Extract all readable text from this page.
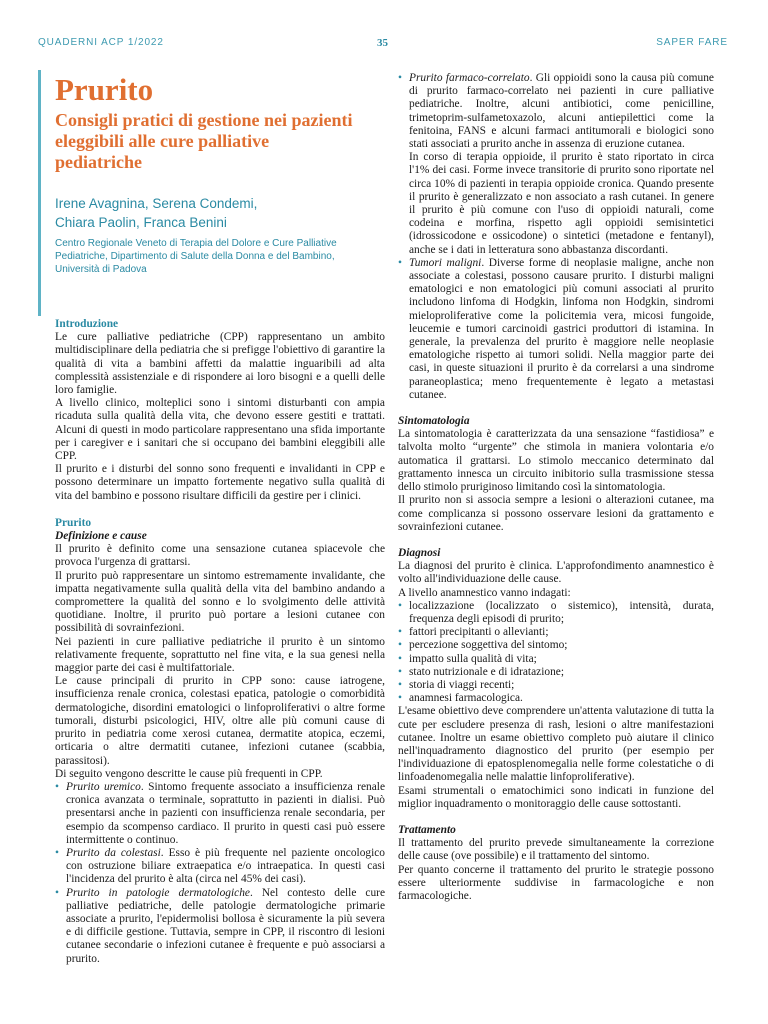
QUADERNI ACP 1/2022	35	SAPER FARE
Prurito
Consigli pratici di gestione nei pazienti eleggibili alle cure palliative pediatriche

Irene Avagnina, Serena Condemi,
Chiara Paolin, Franca Benini

Centro Regionale Veneto di Terapia del Dolore e Cure Palliative Pediatriche, Dipartimento di Salute della Donna e del Bambino, Università di Padova

Introduzione

Le cure palliative pediatriche (CPP) rappresentano un ambito multidisciplinare della pediatria che si prefigge l'obiettivo di garantire la qualità di vita a bambini affetti da malattie inguaribili ad alta complessità assistenziale e di rispondere ai loro bisogni e a quelli delle loro famiglie.

A livello clinico, molteplici sono i sintomi disturbanti con ampia ricaduta sulla qualità della vita, che devono essere gestiti e trattati. Alcuni di questi in modo particolare rappresentano una sfida importante per i caregiver e i sanitari che si occupano dei bambini eleggibili alle CPP.

Il prurito e i disturbi del sonno sono frequenti e invalidanti in CPP e possono determinare un impatto fortemente negativo sulla qualità di vita del bambino e possono risultare difficili da gestire per i clinici.

Prurito

Definizione e cause

Il prurito è definito come una sensazione cutanea spiacevole che provoca l'urgenza di grattarsi.

Il prurito può rappresentare un sintomo estremamente invalidante, che impatta negativamente sulla qualità della vita del bambino andando a compromettere la qualità del sonno e lo svolgimento delle attività quotidiane. Inoltre, il prurito può portare a lesioni cutanee con possibilità di sovrainfezioni.

Nei pazienti in cure palliative pediatriche il prurito è un sintomo relativamente frequente, soprattutto nel fine vita, e la sua genesi nella maggior parte dei casi è multifattoriale.

Le cause principali di prurito in CPP sono: cause iatrogene, insufficienza renale cronica, colestasi epatica, patologie o comorbidità dermatologiche, disordini ematologici o linfoproliferativi o altre forme tumorali, disturbi psicologici, HIV, oltre alle più comuni cause di prurito in pediatria come xerosi cutanea, dermatite atopica, eczemi, orticaria o altre dermatiti cutanee, infezioni cutanee (scabbia, parassitosi).

Di seguito vengono descritte le cause più frequenti in CPP.

• Prurito uremico. Sintomo frequente associato a insufficienza renale cronica avanzata o terminale, soprattutto in pazienti in dialisi. Può presentarsi anche in pazienti con insufficienza renale secondaria, per esempio da scompenso cardiaco. Il prurito in questi casi può essere intermittente o continuo.
• Prurito da colestasi. Esso è più frequente nel paziente oncologico con ostruzione biliare extraepatica e/o intraepatica. In questi casi l'incidenza del prurito è alta (circa nel 45% dei casi).
• Prurito in patologie dermatologiche. Nel contesto delle cure palliative pediatriche, delle patologie dermatologiche primarie associate a prurito, l'epidermolisi bollosa è sicuramente la più severa e di difficile gestione. Tuttavia, sempre in CPP, il riscontro di lesioni cutanee secondarie o infezioni cutanee è frequente e può associarsi a prurito.
• Prurito farmaco-correlato. Gli oppioidi sono la causa più comune di prurito farmaco-correlato nei pazienti in cure palliative pediatriche. Inoltre, alcuni antibiotici, come penicilline, trimetoprim-sulfametoxazolo, alcuni antiepilettici come la fenitoina, FANS e alcuni farmaci antitumorali e biologici sono stati associati a prurito anche in assenza di eruzione cutanea.
In corso di terapia oppioide, il prurito è stato riportato in circa l'1% dei casi. Forme invece transitorie di prurito sono riportate nel circa 10% di pazienti in terapia oppioide cronica. Quando presente il prurito è generalizzato e non associato a rash cutanei. In genere il prurito è più comune con l'uso di oppioidi naturali, come codeina e morfina, rispetto agli oppioidi semisintetici (idrossicodone e ossicodone) o sintetici (metadone e fentanyl), anche se i dati in letteratura sono abbastanza discordanti.
• Tumori maligni. Diverse forme di neoplasie maligne, anche non associate a colestasi, possono causare prurito. I disturbi maligni ematologici e non ematologici più comuni associati al prurito includono linfoma di Hodgkin, linfoma non Hodgkin, sindromi mieloproliferative come la policitemia vera, micosi fungoide, leucemie e tumori carcinoidi gastrici produttori di istamina. In generale, la prevalenza del prurito è maggiore nelle neoplasie ematologiche rispetto ai tumori solidi. Nella maggior parte dei casi, in queste situazioni il prurito è da correlarsi a una sindrome paraneoplastica; meno frequentemente è legato a metastasi cutanee.

Sintomatologia

La sintomatologia è caratterizzata da una sensazione “fastidiosa” e talvolta molto “urgente” che stimola in maniera volontaria e/o automatica il grattarsi. Lo stimolo meccanico determinato dal grattamento innesca un circuito inibitorio sulla trasmissione stessa dello stimolo pruriginoso limitando così la sintomatologia.

Il prurito non si associa sempre a lesioni o alterazioni cutanee, ma come complicanza si possono osservare lesioni da grattamento e sovrainfezioni cutanee.

Diagnosi

La diagnosi del prurito è clinica. L'approfondimento anamnestico è volto all'individuazione delle cause.

A livello anamnestico vanno indagati:

• localizzazione (localizzato o sistemico), intensità, durata, frequenza degli episodi di prurito;
• fattori precipitanti o allevianti;
• percezione soggettiva del sintomo;
• impatto sulla qualità di vita;
• stato nutrizionale e di idratazione;
• storia di viaggi recenti;
• anamnesi farmacologica.

L'esame obiettivo deve comprendere un'attenta valutazione di tutta la cute per escludere presenza di rash, lesioni o altre manifestazioni cutanee. Inoltre un esame obiettivo completo può aiutare il clinico nell'inquadramento diagnostico del prurito (per esempio per l'individuazione di epatosplenomegalia nelle forme colestatiche o di linfoadenomegalia nelle malattie linfoproliferative).

Esami strumentali o ematochimici sono indicati in funzione del miglior inquadramento o monitoraggio delle cause sottostanti.

Trattamento

Il trattamento del prurito prevede simultaneamente la correzione delle cause (ove possibile) e il trattamento del sintomo.

Per quanto concerne il trattamento del prurito le strategie possono essere ulteriormente suddivise in farmacologiche e non farmacologiche.
